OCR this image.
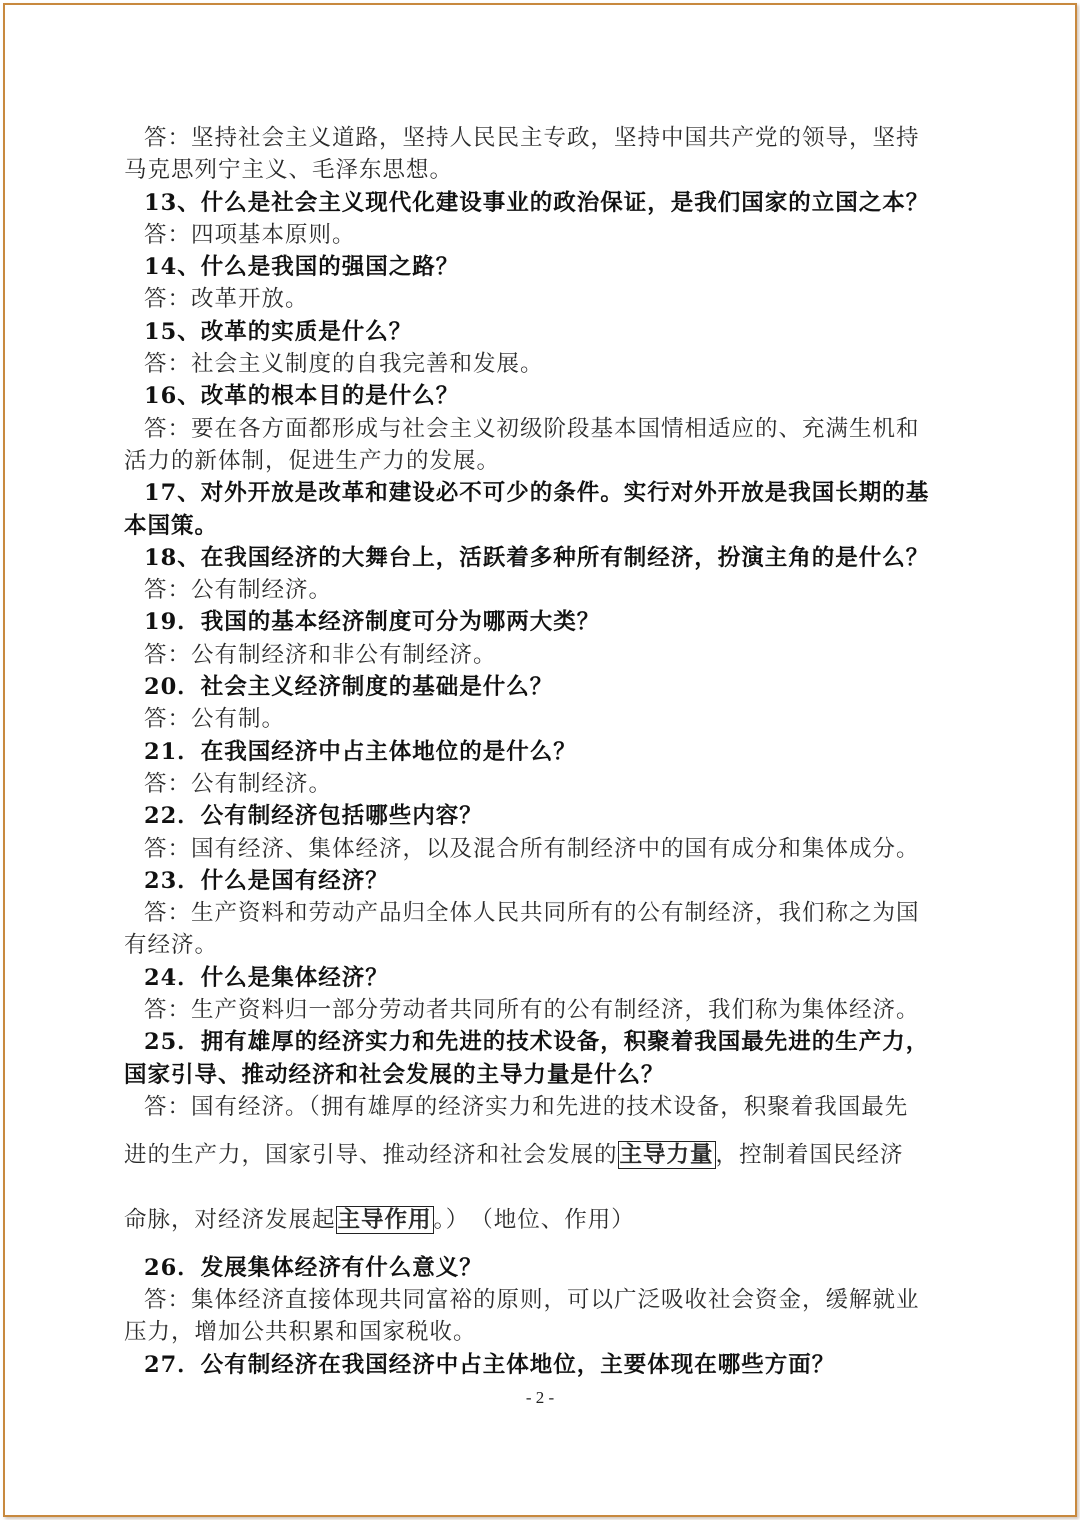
答：坚持社会主义道路，坚持人民民主专政，坚持中国共产党的领导，坚持
马克思列宁主义、毛泽东思想。
13、什么是社会主义现代化建设事业的政治保证，是我们国家的立国之本？
答：四项基本原则。
14、什么是我国的强国之路？
答：改革开放。
15、改革的实质是什么？
答：社会主义制度的自我完善和发展。
16、改革的根本目的是什么？
答：要在各方面都形成与社会主义初级阶段基本国情相适应的、充满生机和
活力的新体制，促进生产力的发展。
17、对外开放是改革和建设必不可少的条件。实行对外开放是我国长期的基
本国策。
18、在我国经济的大舞台上，活跃着多种所有制经济，扮演主角的是什么？
答：公有制经济。
19．我国的基本经济制度可分为哪两大类？
答：公有制经济和非公有制经济。
20．社会主义经济制度的基础是什么？
答：公有制。
21．在我国经济中占主体地位的是什么？
答：公有制经济。
22．公有制经济包括哪些内容？
答：国有经济、集体经济，以及混合所有制经济中的国有成分和集体成分。
23．什么是国有经济？
答：生产资料和劳动产品归全体人民共同所有的公有制经济，我们称之为国
有经济。
24．什么是集体经济？
答：生产资料归一部分劳动者共同所有的公有制经济，我们称为集体经济。
25．拥有雄厚的经济实力和先进的技术设备，积聚着我国最先进的生产力，
国家引导、推动经济和社会发展的主导力量是什么？
答：国有经济。（拥有雄厚的经济实力和先进的技术设备，积聚着我国最先
进的生产力，国家引导、推动经济和社会发展的主导力量，控制着国民经济
命脉，对经济发展起主导作用。）　（地位、作用）
26．发展集体经济有什么意义？
答：集体经济直接体现共同富裕的原则，可以广泛吸收社会资金，缓解就业
压力，增加公共积累和国家税收。
27．公有制经济在我国经济中占主体地位，主要体现在哪些方面？
- 2 -
